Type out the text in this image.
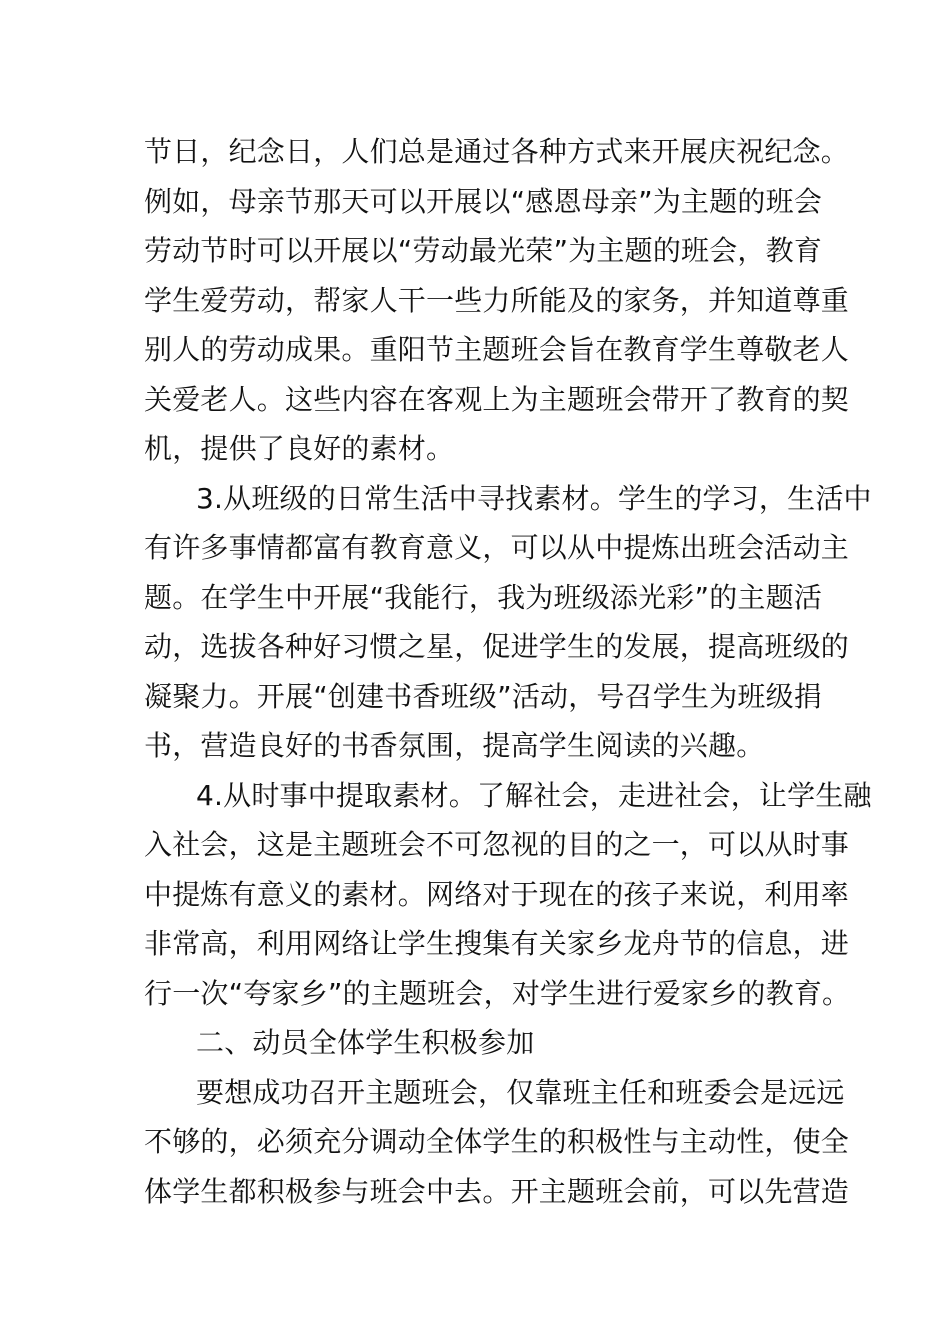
节日，纪念日，人们总是通过各种方式来开展庆祝纪念。
例如，母亲节那天可以开展以“感恩母亲”为主题的班会
劳动节时可以开展以“劳动最光荣”为主题的班会，教育
学生爱劳动，帮家人干一些力所能及的家务，并知道尊重
别人的劳动成果。重阳节主题班会旨在教育学生尊敬老人
关爱老人。这些内容在客观上为主题班会带开了教育的契
机，提供了良好的素材。
3.从班级的日常生活中寻找素材。学生的学习，生活中
有许多事情都富有教育意义，可以从中提炼出班会活动主
题。在学生中开展“我能行，我为班级添光彩”的主题活
动，选拔各种好习惯之星，促进学生的发展，提高班级的
凝聚力。开展“创建书香班级”活动，号召学生为班级捐
书，营造良好的书香氛围，提高学生阅读的兴趣。
4.从时事中提取素材。了解社会，走进社会，让学生融
入社会，这是主题班会不可忽视的目的之一，可以从时事
中提炼有意义的素材。网络对于现在的孩子来说，利用率
非常高，利用网络让学生搜集有关家乡龙舟节的信息，进
行一次“夸家乡”的主题班会，对学生进行爱家乡的教育。
二、动员全体学生积极参加
要想成功召开主题班会，仅靠班主任和班委会是远远
不够的，必须充分调动全体学生的积极性与主动性，使全
体学生都积极参与班会中去。开主题班会前，可以先营造
